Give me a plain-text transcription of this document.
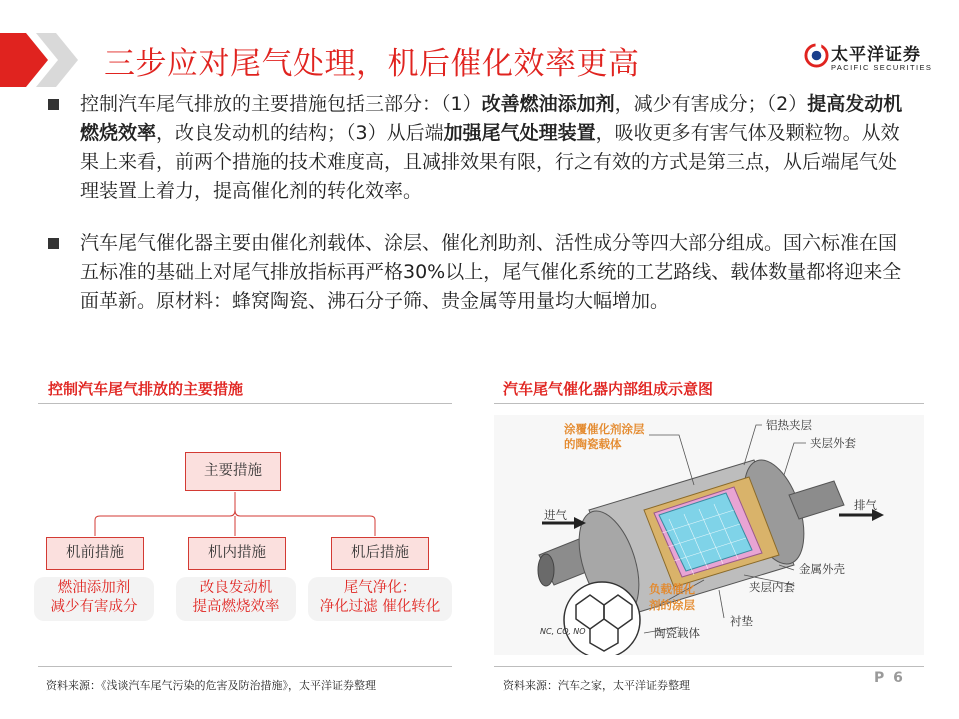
三步应对尾气处理，机后催化效率更高	太平洋证券
PACIFIC SECURITIES
控制汽车尾气排放的主要措施包括三部分：（1）改善燃油添加剂，减少有害成分；（2）提高发动机燃烧效率，改良发动机的结构；（3）从后端加强尾气处理装置，吸收更多有害气体及颗粒物。从效果上来看，前两个措施的技术难度高，且减排效果有限，行之有效的方式是第三点，从后端尾气处理装置上着力，提高催化剂的转化效率。
汽车尾气催化器主要由催化剂载体、涂层、催化剂助剂、活性成分等四大部分组成。国六标准在国五标准的基础上对尾气排放指标再严格30%以上，尾气催化系统的工艺路线、载体数量都将迎来全面革新。原材料：蜂窝陶瓷、沸石分子筛、贵金属等用量均大幅增加。
控制汽车尾气排放的主要措施	汽车尾气催化器内部组成示意图
主要措施
机前措施	机内措施	机后措施
燃油添加剂
减少有害成分
改良发动机
提高燃烧效率
尾气净化：
净化过滤 催化转化
涂覆催化剂涂层
的陶瓷载体
铝热夹层
夹层外套
进气
排气
金属外壳
夹层内套
负载催化
剂的涂层
衬垫
陶瓷载体
NC, CO, NO
资料来源：《浅谈汽车尾气污染的危害及防治措施》，太平洋证券整理	资料来源：汽车之家，太平洋证券整理	P 6
